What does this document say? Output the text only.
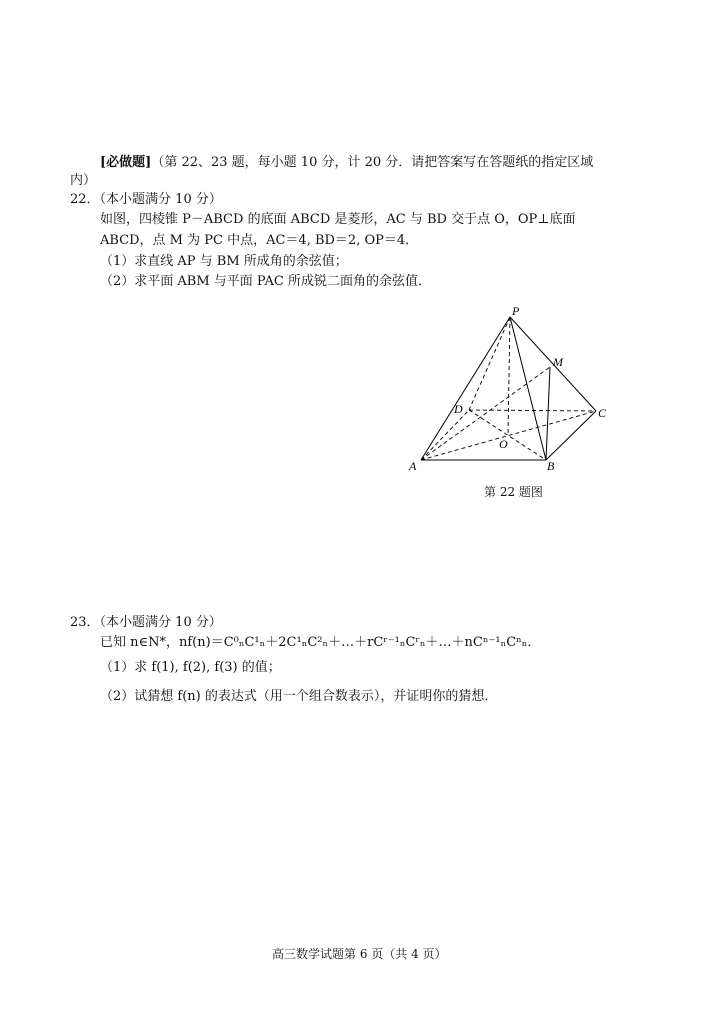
[必做题]（第 22、23 题，每小题 10 分，计 20 分．请把答案写在答题纸的指定区域
内）
22．（本小题满分 10 分）
如图，四棱锥 P－ABCD 的底面 ABCD 是菱形，AC 与 BD 交于点 O，OP⊥底面
ABCD，点 M 为 PC 中点，AC＝4, BD＝2, OP＝4．
（1）求直线 AP 与 BM 所成角的余弦值；
（2）求平面 ABM 与平面 PAC 所成锐二面角的余弦值．
P
M
D	C
O
A	B
第 22 题图
23．（本小题满分 10 分）
已知 n∈N*，nf(n)＝C⁰ₙC¹ₙ＋2C¹ₙC²ₙ＋…＋rCʳ⁻¹ₙCʳₙ＋…＋nCⁿ⁻¹ₙCⁿₙ．
（1）求 f(1), f(2), f(3) 的值；
（2）试猜想 f(n) 的表达式（用一个组合数表示），并证明你的猜想．
高三数学试题第 6 页（共 4 页）
